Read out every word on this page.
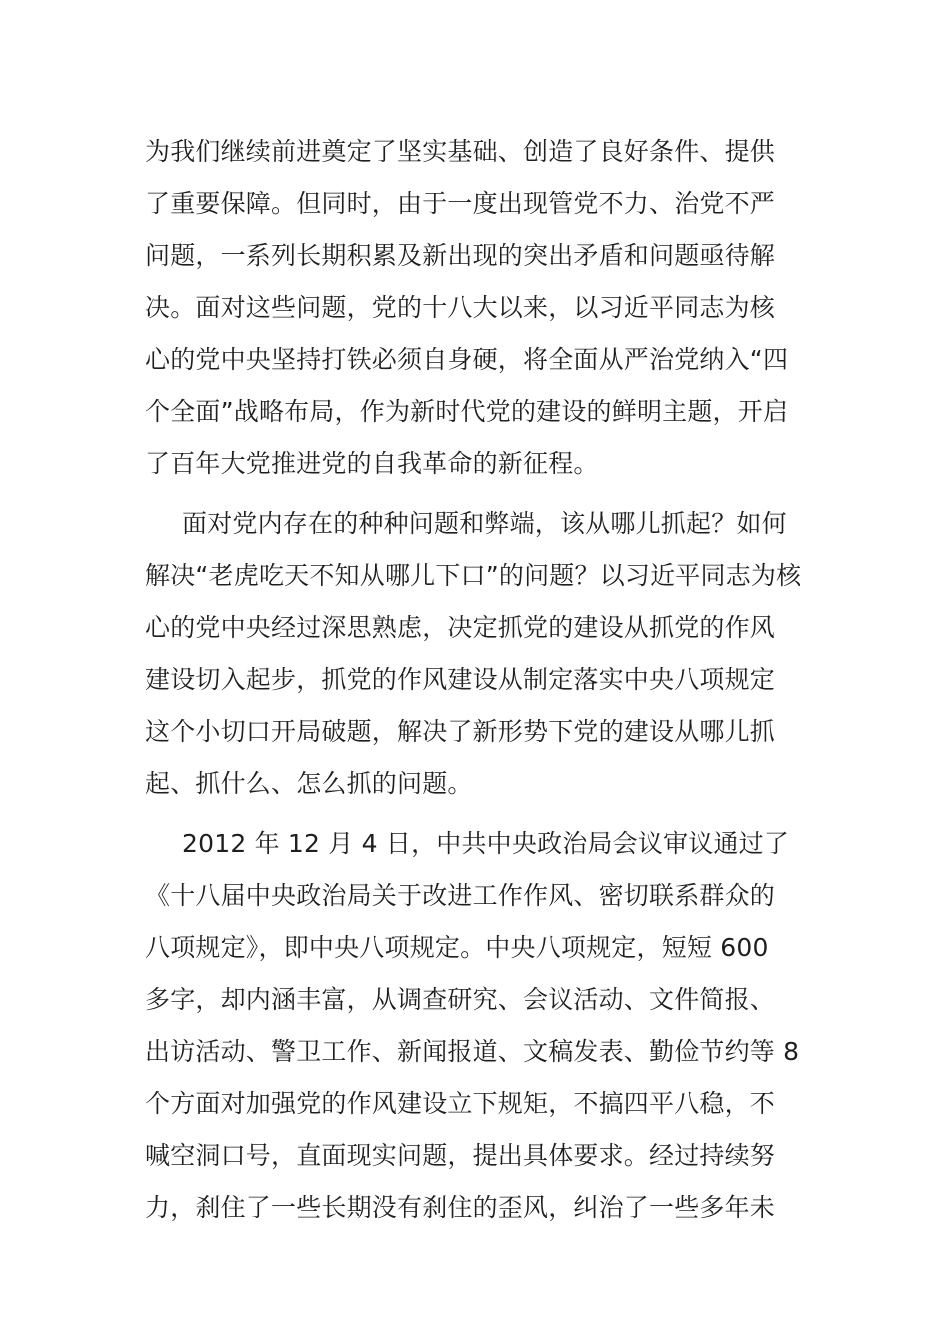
为我们继续前进奠定了坚实基础、创造了良好条件、提供
了重要保障。但同时，由于一度出现管党不力、治党不严
问题，一系列长期积累及新出现的突出矛盾和问题亟待解
决。面对这些问题，党的十八大以来，以习近平同志为核
心的党中央坚持打铁必须自身硬，将全面从严治党纳入“四
个全面”战略布局，作为新时代党的建设的鲜明主题，开启
了百年大党推进党的自我革命的新征程。
面对党内存在的种种问题和弊端，该从哪儿抓起？如何
解决“老虎吃天不知从哪儿下口”的问题？以习近平同志为核
心的党中央经过深思熟虑，决定抓党的建设从抓党的作风
建设切入起步，抓党的作风建设从制定落实中央八项规定
这个小切口开局破题，解决了新形势下党的建设从哪儿抓
起、抓什么、怎么抓的问题。
2012 年 12 月 4 日，中共中央政治局会议审议通过了
《十八届中央政治局关于改进工作作风、密切联系群众的
八项规定》，即中央八项规定。中央八项规定，短短 600
多字，却内涵丰富，从调查研究、会议活动、文件简报、
出访活动、警卫工作、新闻报道、文稿发表、勤俭节约等 8
个方面对加强党的作风建设立下规矩，不搞四平八稳，不
喊空洞口号，直面现实问题，提出具体要求。经过持续努
力，刹住了一些长期没有刹住的歪风，纠治了一些多年未
